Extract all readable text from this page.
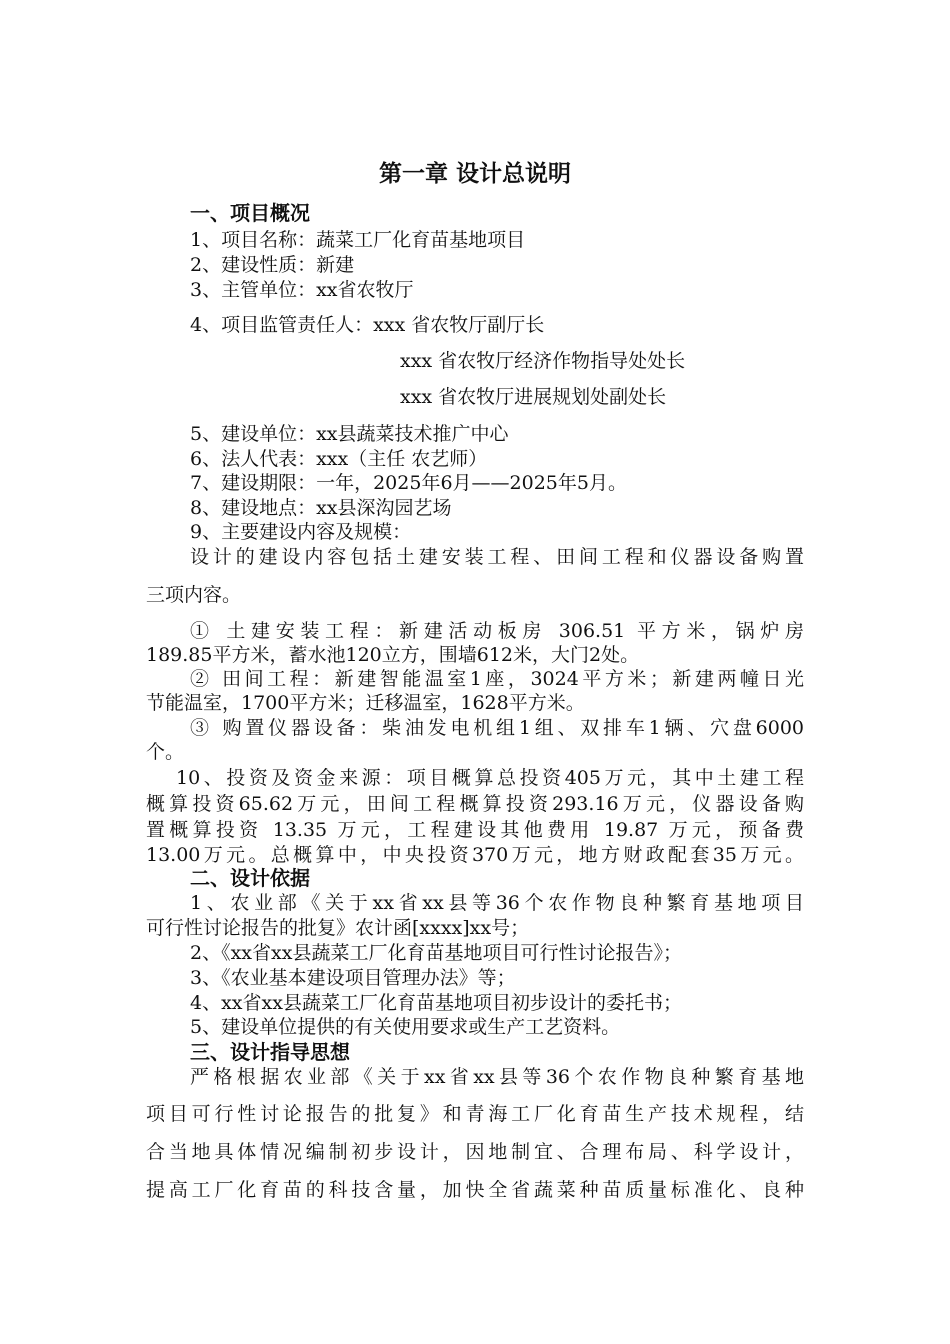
第一章 设计总说明
一、项目概况
1、项目名称：蔬菜工厂化育苗基地项目
2、建设性质：新建
3、主管单位：xx省农牧厅
4、项目监管责任人：xxx 省农牧厅副厅长
xxx 省农牧厅经济作物指导处处长
xxx 省农牧厅进展规划处副处长
5、建设单位：xx县蔬菜技术推广中心
6、法人代表：xxx（主任 农艺师）
7、建设期限：一年，2025年6月——2025年5月。
8、建设地点：xx县深沟园艺场
9、主要建设内容及规模：
设计的建设内容包括土建安装工程、田间工程和仪器设备购置
三项内容。
① 土建安装工程：新建活动板房 306.51 平方米，锅炉房
189.85平方米，蓄水池120立方，围墙612米，大门2处。
② 田间工程：新建智能温室1座，3024平方米；新建两幢日光
节能温室，1700平方米；迁移温室，1628平方米。
③ 购置仪器设备：柴油发电机组1组、双排车1辆、穴盘6000
个。
10、投资及资金来源：项目概算总投资405万元，其中土建工程
概算投资65.62万元，田间工程概算投资293.16万元，仪器设备购
置概算投资 13.35 万元，工程建设其他费用 19.87 万元，预备费
13.00万元。总概算中，中央投资370万元，地方财政配套35万元。
二、设计依据
1、农业部《关于xx省xx县等36个农作物良种繁育基地项目
可行性讨论报告的批复》农计函[xxxx]xx号；
2、《xx省xx县蔬菜工厂化育苗基地项目可行性讨论报告》；
3、《农业基本建设项目管理办法》等；
4、xx省xx县蔬菜工厂化育苗基地项目初步设计的委托书；
5、建设单位提供的有关使用要求或生产工艺资料。
三、设计指导思想
严格根据农业部《关于xx省xx县等36个农作物良种繁育基地
项目可行性讨论报告的批复》和青海工厂化育苗生产技术规程，结
合当地具体情况编制初步设计，因地制宜、合理布局、科学设计，
提高工厂化育苗的科技含量，加快全省蔬菜种苗质量标准化、良种
